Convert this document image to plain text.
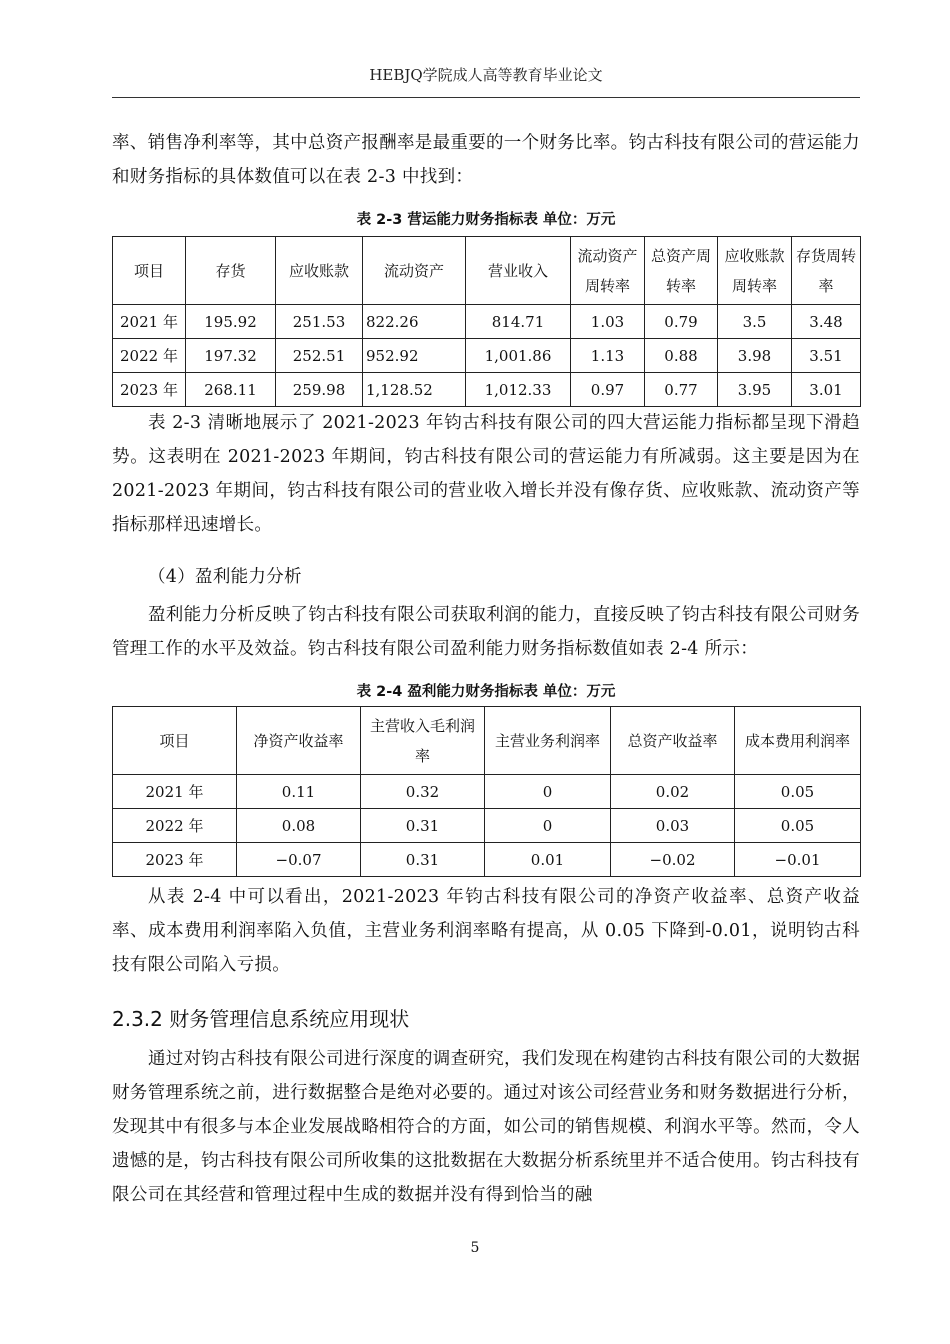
HEBJQ学院成人高等教育毕业论文

率、销售净利率等，其中总资产报酬率是最重要的一个财务比率。钧古科技有限公司的营运能力和财务指标的具体数值可以在表 2-3 中找到：

表 2-3 营运能力财务指标表 单位：万元
项目	存货	应收账款	流动资产	营业收入	流动资产周转率	总资产周转率	应收账款周转率	存货周转率
2021 年	195.92	251.53	822.26	814.71	1.03	0.79	3.5	3.48
2022 年	197.32	252.51	952.92	1,001.86	1.13	0.88	3.98	3.51
2023 年	268.11	259.98	1,128.52	1,012.33	0.97	0.77	3.95	3.01

表 2-3 清晰地展示了 2021-2023 年钧古科技有限公司的四大营运能力指标都呈现下滑趋势。这表明在 2021-2023 年期间，钧古科技有限公司的营运能力有所减弱。这主要是因为在 2021-2023 年期间，钧古科技有限公司的营业收入增长并没有像存货、应收账款、流动资产等指标那样迅速增长。

（4）盈利能力分析

盈利能力分析反映了钧古科技有限公司获取利润的能力，直接反映了钧古科技有限公司财务管理工作的水平及效益。钧古科技有限公司盈利能力财务指标数值如表 2-4 所示：

表 2-4 盈利能力财务指标表 单位：万元
项目	净资产收益率	主营收入毛利润率	主营业务利润率	总资产收益率	成本费用利润率
2021 年	0.11	0.32	0	0.02	0.05
2022 年	0.08	0.31	0	0.03	0.05
2023 年	−0.07	0.31	0.01	−0.02	−0.01

从表 2-4 中可以看出，2021-2023 年钧古科技有限公司的净资产收益率、总资产收益率、成本费用利润率陷入负值，主营业务利润率略有提高，从 0.05 下降到-0.01，说明钧古科技有限公司陷入亏损。

2.3.2 财务管理信息系统应用现状

通过对钧古科技有限公司进行深度的调查研究，我们发现在构建钧古科技有限公司的大数据财务管理系统之前，进行数据整合是绝对必要的。通过对该公司经营业务和财务数据进行分析，发现其中有很多与本企业发展战略相符合的方面，如公司的销售规模、利润水平等。然而，令人遗憾的是，钧古科技有限公司所收集的这批数据在大数据分析系统里并不适合使用。钧古科技有限公司在其经营和管理过程中生成的数据并没有得到恰当的融

5
